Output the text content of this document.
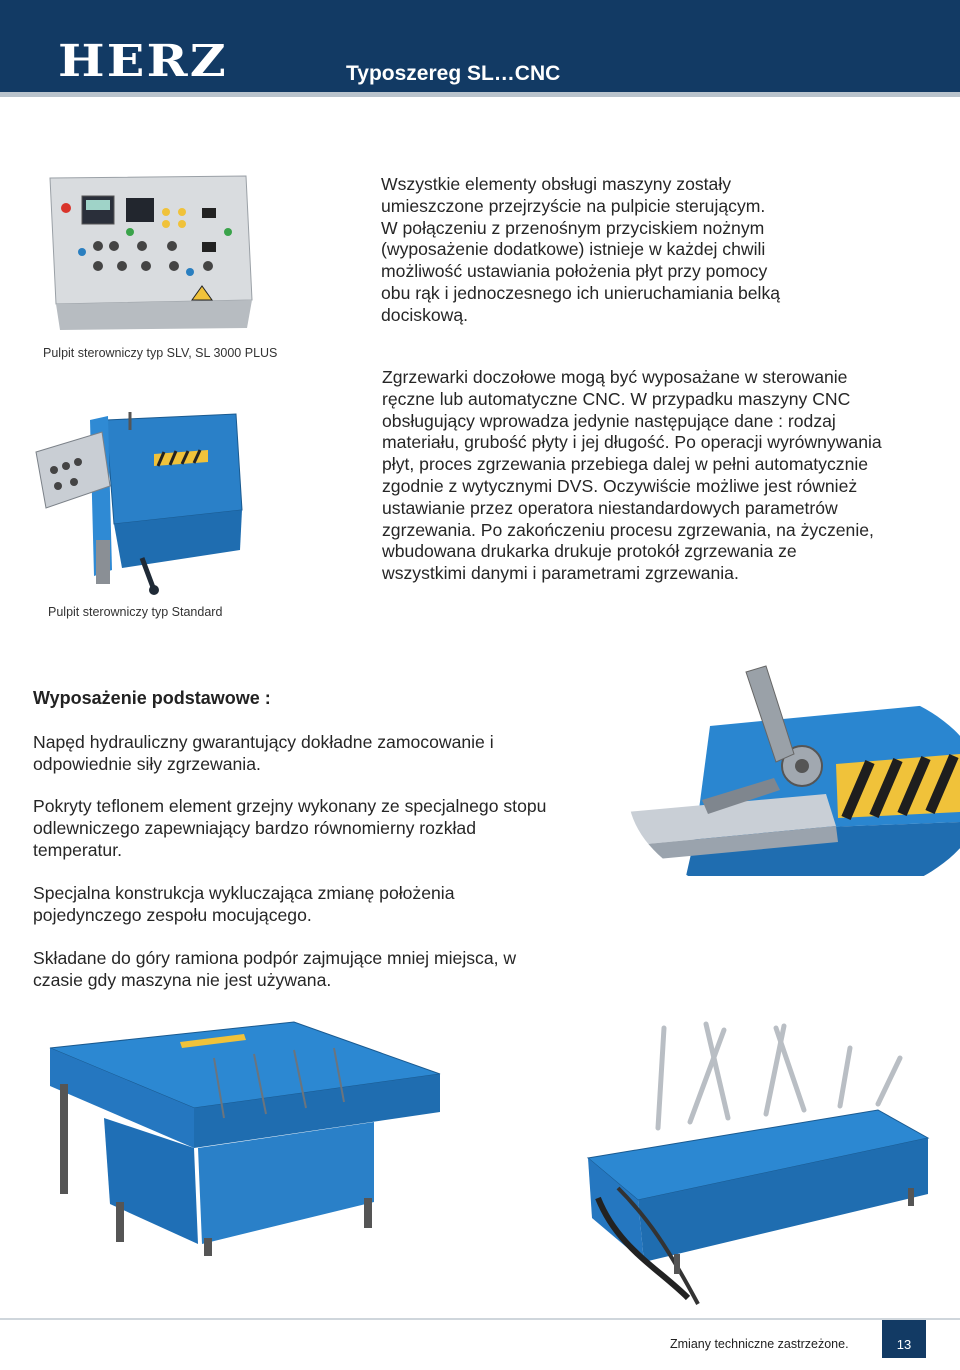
HERZ	Typoszereg SL…CNC
Pulpit sterowniczy typ SLV, SL 3000 PLUS
Wszystkie elementy obsługi maszyny zostały
umieszczone przejrzyście na pulpicie sterującym.
W połączeniu z przenośnym przyciskiem nożnym
(wyposażenie dodatkowe) istnieje w każdej chwili
możliwość ustawiania położenia płyt przy pomocy
obu rąk i jednoczesnego ich unieruchamiania belką
dociskową.
Pulpit sterowniczy typ Standard
Zgrzewarki doczołowe mogą być wyposażane w sterowanie
ręczne lub automatyczne CNC. W przypadku maszyny CNC
obsługujący wprowadza jedynie następujące dane : rodzaj
materiału, grubość płyty i jej długość. Po operacji wyrównywania
płyt, proces zgrzewania przebiega dalej w pełni automatycznie
zgodnie z wytycznymi DVS. Oczywiście możliwe jest również
ustawianie przez operatora niestandardowych parametrów
zgrzewania. Po zakończeniu procesu zgrzewania, na życzenie,
wbudowana drukarka drukuje protokół zgrzewania ze
wszystkimi danymi i parametrami zgrzewania.
Wyposażenie podstawowe :
Napęd hydrauliczny gwarantujący dokładne zamocowanie i
odpowiednie siły zgrzewania.
Pokryty teflonem element grzejny wykonany ze specjalnego stopu
odlewniczego zapewniający bardzo równomierny rozkład
temperatur.
Specjalna konstrukcja wykluczająca zmianę położenia
pojedynczego zespołu mocującego.
Składane do góry ramiona podpór zajmujące mniej miejsca, w
czasie gdy maszyna nie jest używana.
Zmiany techniczne zastrzeżone.	13
